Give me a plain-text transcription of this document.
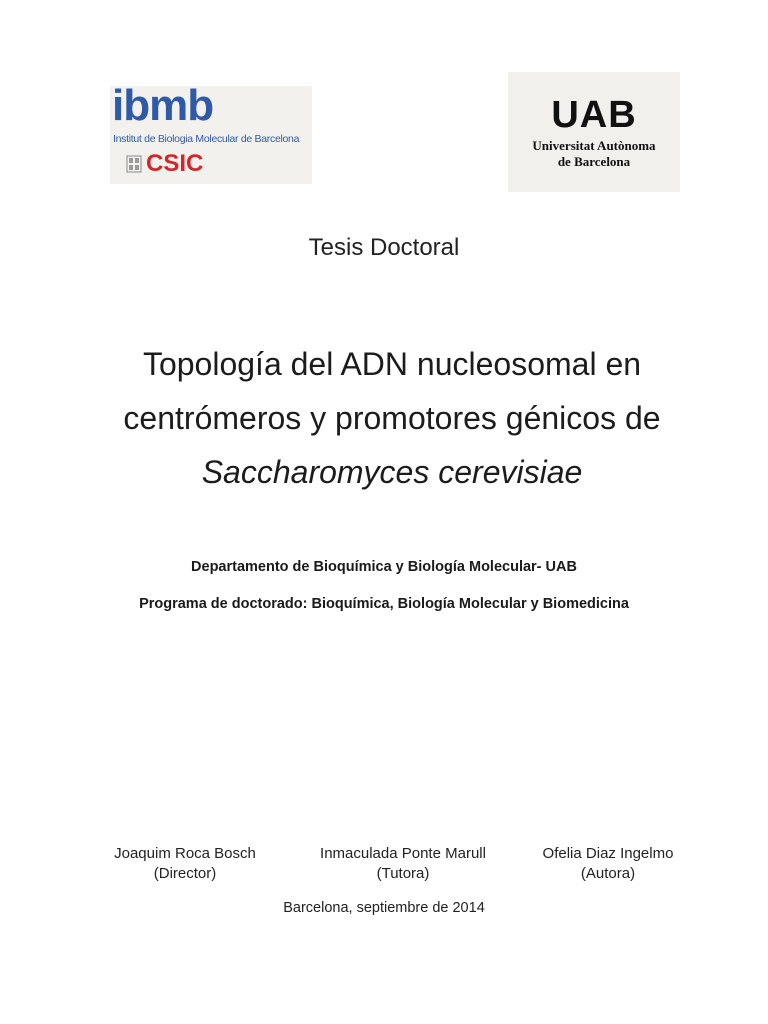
ibmb
Institut de Biologia Molecular de Barcelona
CSIC
UAB
Universitat Autònoma
de Barcelona
Tesis Doctoral
Topología del ADN nucleosomal en
centrómeros y promotores génicos de
Saccharomyces cerevisiae
Departamento de Bioquímica y Biología Molecular- UAB
Programa de doctorado: Bioquímica, Biología Molecular y Biomedicina
Joaquim Roca Bosch
(Director)
Inmaculada Ponte Marull
(Tutora)
Ofelia Diaz Ingelmo
(Autora)
Barcelona, septiembre de 2014
